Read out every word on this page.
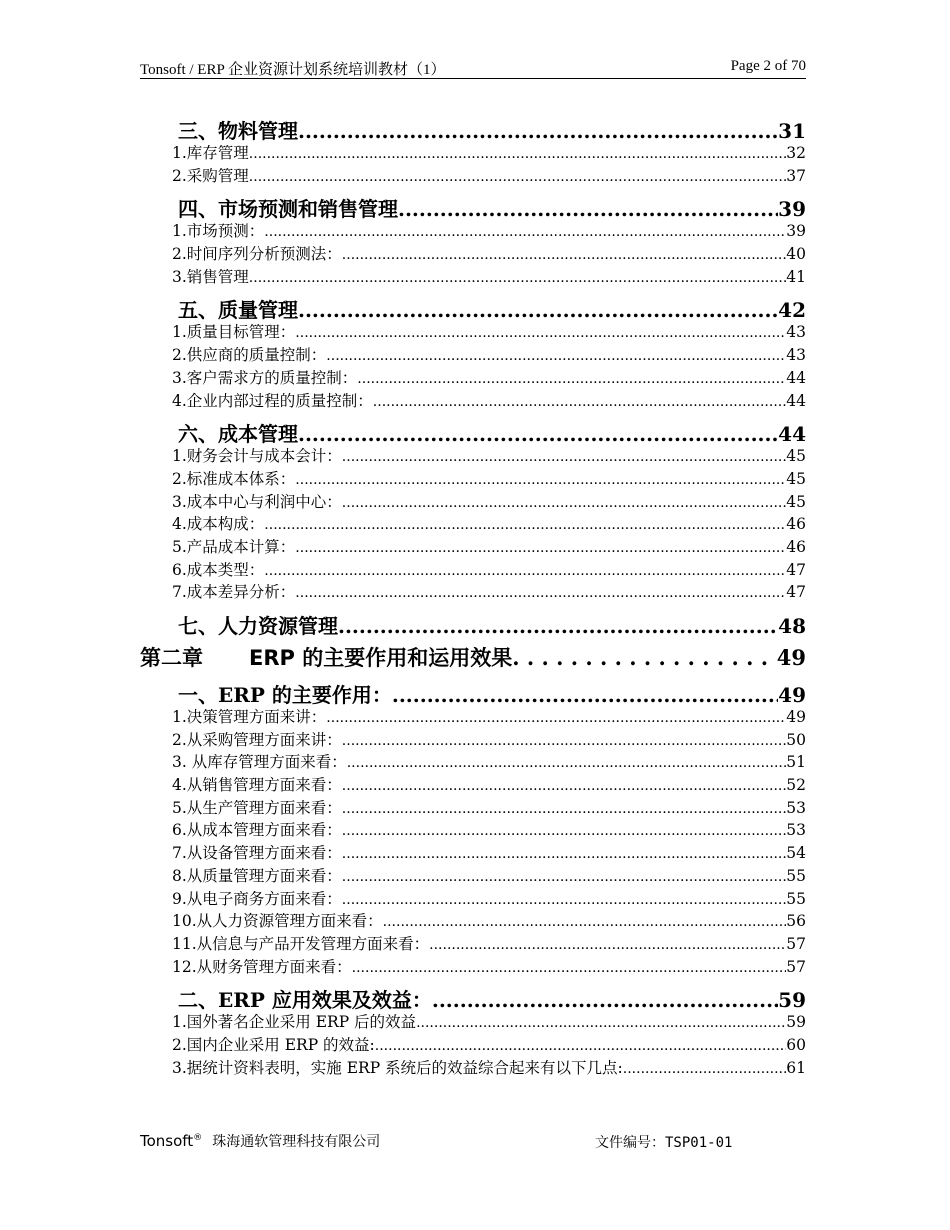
Tonsoft / ERP 企业资源计划系统培训教材（1）	Page 2 of 70
三、物料管理 .....	31
1.库存管理 .....	32
2.采购管理 .....	37
四、市场预测和销售管理 .....	39
1.市场预测： .....	39
2.时间序列分析预测法： .....	40
3.销售管理 .....	41
五、质量管理 .....	42
1.质量目标管理： .....	43
2.供应商的质量控制： .....	43
3.客户需求方的质量控制： .....	44
4.企业内部过程的质量控制： .....	44
六、成本管理 .....	44
1.财务会计与成本会计： .....	45
2.标准成本体系： .....	45
3.成本中心与利润中心： .....	45
4.成本构成： .....	46
5.产品成本计算： .....	46
6.成本类型： .....	47
7.成本差异分析： .....	47
七、人力资源管理 .....	48
第二章 ERP 的主要作用和运用效果 . . .	49
一、ERP 的主要作用： .....	49
1.决策管理方面来讲： .....	49
2.从采购管理方面来讲： .....	50
3. 从库存管理方面来看： .....	51
4.从销售管理方面来看： .....	52
5.从生产管理方面来看： .....	53
6.从成本管理方面来看： .....	53
7.从设备管理方面来看： .....	54
8.从质量管理方面来看： .....	55
9.从电子商务方面来看： .....	55
10.从人力资源管理方面来看： .....	56
11.从信息与产品开发管理方面来看： .....	57
12.从财务管理方面来看： .....	57
二、ERP 应用效果及效益： .....	59
1.国外著名企业采用 ERP 后的效益 .....	59
2.国内企业采用 ERP 的效益: .....	60
3.据统计资料表明，实施 ERP 系统后的效益综合起来有以下几点: .....	61
Tonsoft® 珠海通软管理科技有限公司	文件编号：TSP01-01
